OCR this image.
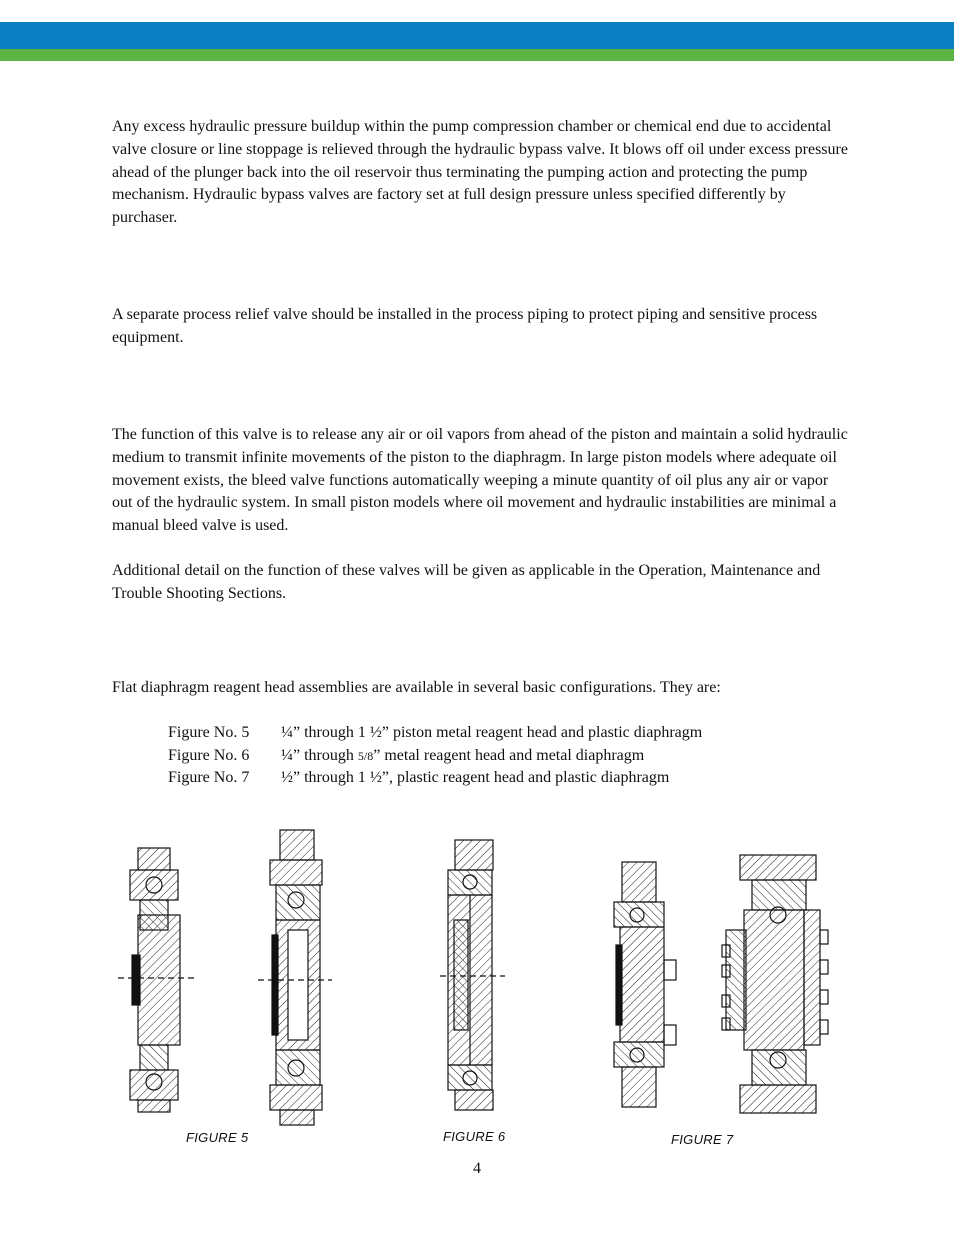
Any excess hydraulic pressure buildup within the pump compression chamber or chemical end due to accidental valve closure or line stoppage is relieved through the hydraulic bypass valve. It blows off oil under excess pressure ahead of the plunger back into the oil reservoir thus terminating the pumping action and protecting the pump mechanism. Hydraulic bypass valves are factory set at full design pressure unless specified differently by purchaser.

A separate process relief valve should be installed in the process piping to protect piping and sensitive process equipment.

The function of this valve is to release any air or oil vapors from ahead of the piston and maintain a solid hydraulic medium to transmit infinite movements of the piston to the diaphragm. In large piston models where adequate oil movement exists, the bleed valve functions automatically weeping a minute quantity of oil plus any air or vapor out of the hydraulic system. In small piston models where oil movement and hydraulic instabilities are minimal a manual bleed valve is used.

Additional detail on the function of these valves will be given as applicable in the Operation, Maintenance and Trouble Shooting Sections.

Flat diaphragm reagent head assemblies are available in several basic configurations. They are:

Figure No. 5 ¼” through 1 ½” piston metal reagent head and plastic diaphragm
Figure No. 6 ¼” through 5/8” metal reagent head and metal diaphragm
Figure No. 7 ½” through 1 ½”, plastic reagent head and plastic diaphragm
FIGURE 5	FIGURE 6	FIGURE 7
4
